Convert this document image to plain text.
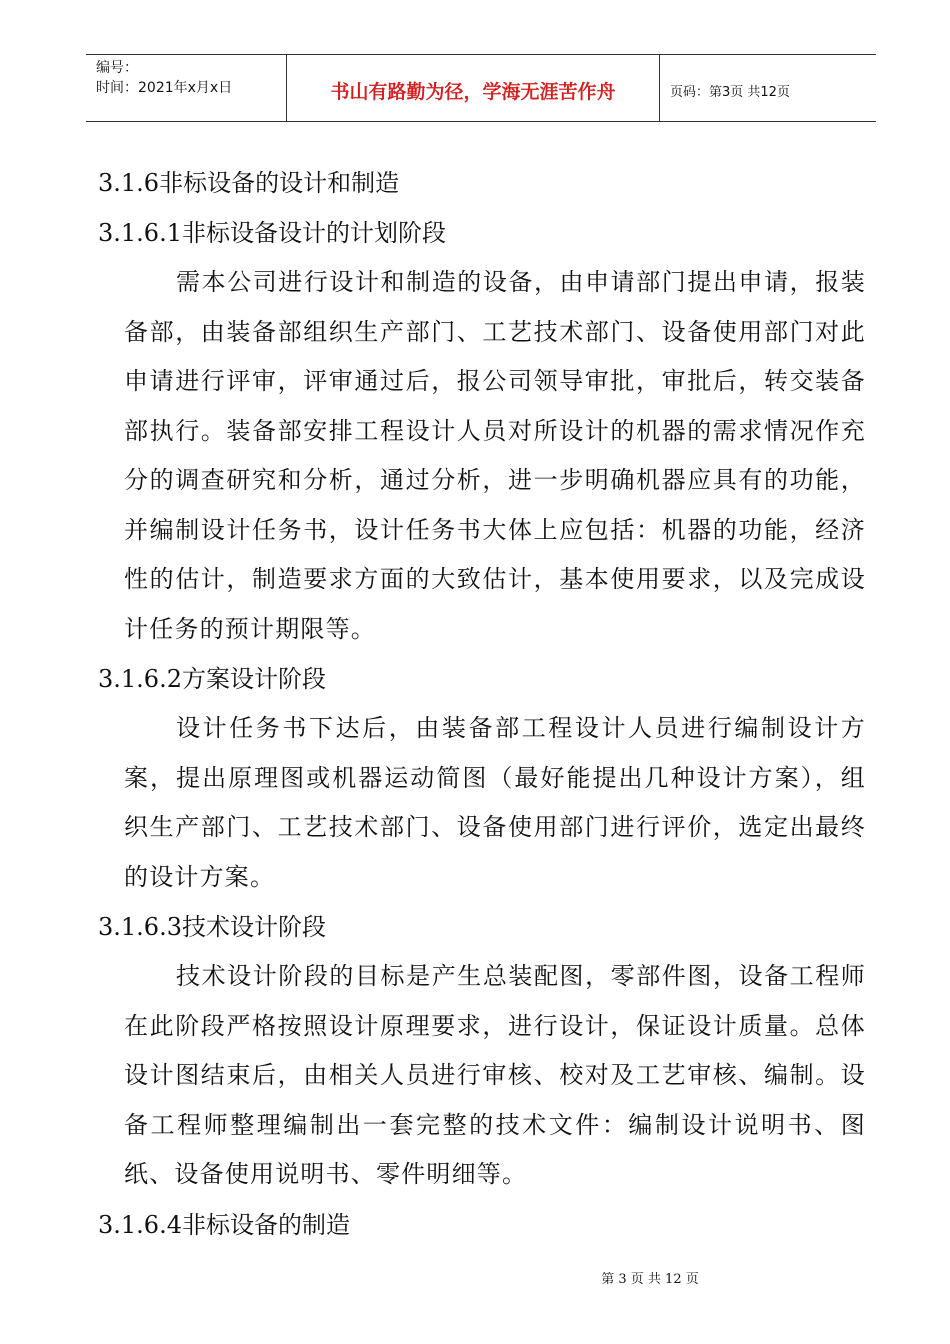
编号：
时间：2021年x月x日	书山有路勤为径，学海无涯苦作舟	页码：第3页 共12页
3.1.6非标设备的设计和制造
3.1.6.1非标设备设计的计划阶段

需本公司进行设计和制造的设备，由申请部门提出申请，报装备部，由装备部组织生产部门、工艺技术部门、设备使用部门对此申请进行评审，评审通过后，报公司领导审批，审批后，转交装备部执行。装备部安排工程设计人员对所设计的机器的需求情况作充分的调查研究和分析，通过分析，进一步明确机器应具有的功能，并编制设计任务书，设计任务书大体上应包括：机器的功能，经济性的估计，制造要求方面的大致估计，基本使用要求，以及完成设计任务的预计期限等。

3.1.6.2方案设计阶段

设计任务书下达后，由装备部工程设计人员进行编制设计方案，提出原理图或机器运动简图（最好能提出几种设计方案），组织生产部门、工艺技术部门、设备使用部门进行评价，选定出最终的设计方案。

3.1.6.3技术设计阶段

技术设计阶段的目标是产生总装配图，零部件图，设备工程师在此阶段严格按照设计原理要求，进行设计，保证设计质量。总体设计图结束后，由相关人员进行审核、校对及工艺审核、编制。设备工程师整理编制出一套完整的技术文件：编制设计说明书、图纸、设备使用说明书、零件明细等。

3.1.6.4非标设备的制造
第 3 页 共 12 页
